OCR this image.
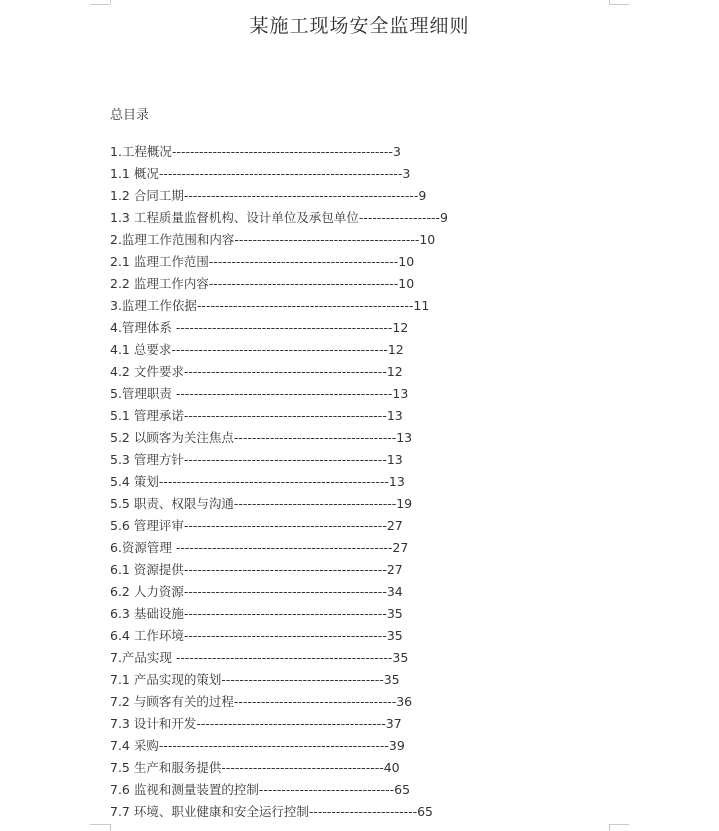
某施工现场安全监理细则
总目录
1.工程概况-------------------------------------------------3
1.1 概况------------------------------------------------------3
1.2 合同工期----------------------------------------------------9
1.3 工程质量监督机构、设计单位及承包单位------------------9
2.监理工作范围和内容-----------------------------------------10
2.1 监理工作范围------------------------------------------10
2.2 监理工作内容------------------------------------------10
3.监理工作依据------------------------------------------------11
4.管理体系 ------------------------------------------------12
4.1 总要求------------------------------------------------12
4.2 文件要求---------------------------------------------12
5.管理职责 ------------------------------------------------13
5.1 管理承诺---------------------------------------------13
5.2 以顾客为关注焦点------------------------------------13
5.3 管理方针---------------------------------------------13
5.4 策划---------------------------------------------------13
5.5 职责、权限与沟通------------------------------------19
5.6 管理评审---------------------------------------------27
6.资源管理 ------------------------------------------------27
6.1 资源提供---------------------------------------------27
6.2 人力资源---------------------------------------------34
6.3 基础设施---------------------------------------------35
6.4 工作环境---------------------------------------------35
7.产品实现 ------------------------------------------------35
7.1 产品实现的策划------------------------------------35
7.2 与顾客有关的过程------------------------------------36
7.3 设计和开发------------------------------------------37
7.4 采购---------------------------------------------------39
7.5 生产和服务提供------------------------------------40
7.6 监视和测量装置的控制------------------------------65
7.7 环境、职业健康和安全运行控制------------------------65
